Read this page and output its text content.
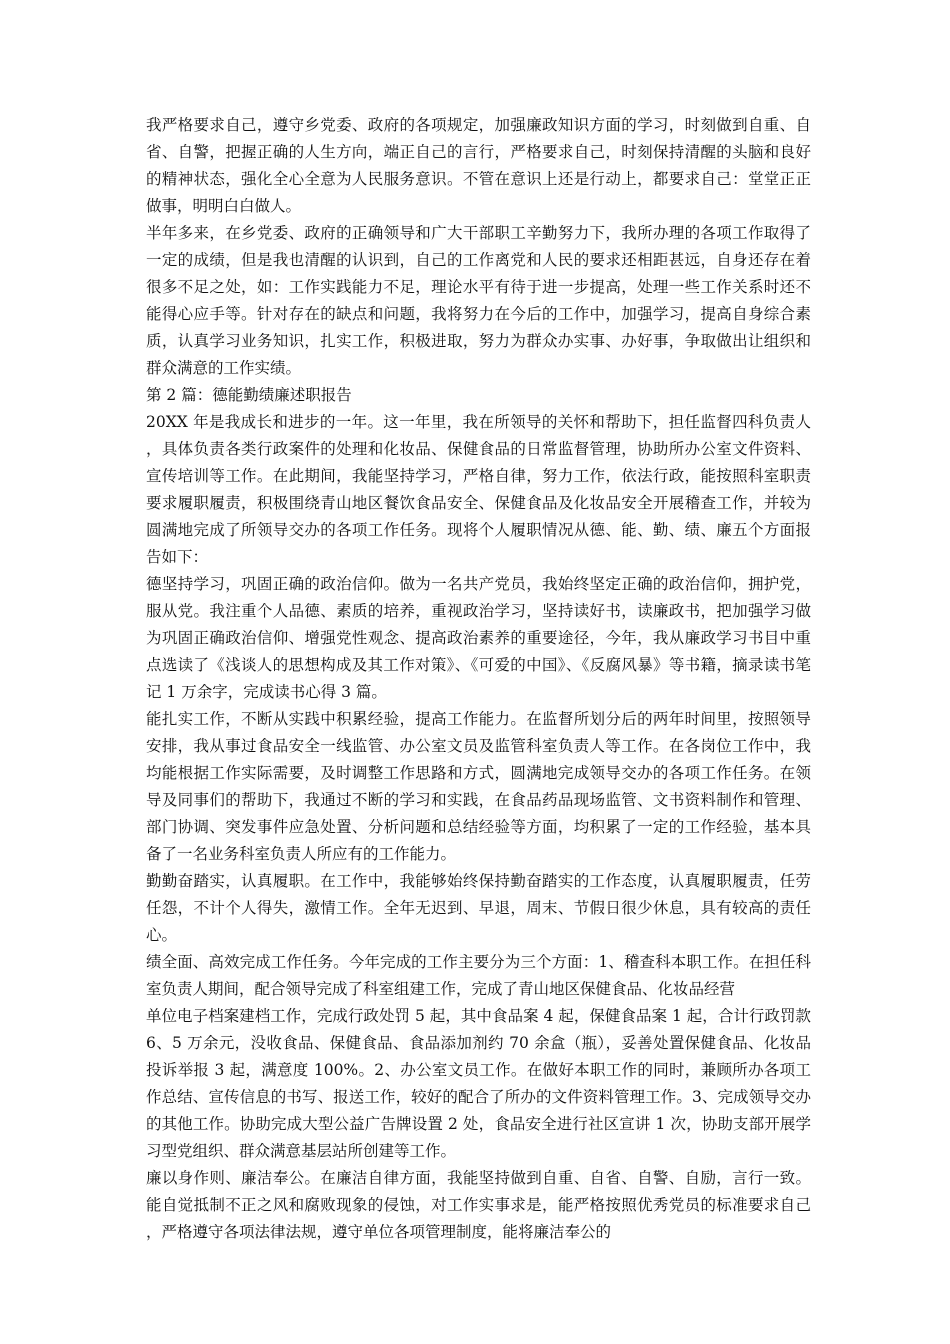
我严格要求自己，遵守乡党委、政府的各项规定，加强廉政知识方面的学习，时刻做到自重、自省、自警，把握正确的人生方向，端正自己的言行，严格要求自己，时刻保持清醒的头脑和良好的精神状态，强化全心全意为人民服务意识。不管在意识上还是行动上，都要求自己：堂堂正正做事，明明白白做人。

半年多来，在乡党委、政府的正确领导和广大干部职工辛勤努力下，我所办理的各项工作取得了一定的成绩，但是我也清醒的认识到，自己的工作离党和人民的要求还相距甚远，自身还存在着很多不足之处，如：工作实践能力不足，理论水平有待于进一步提高，处理一些工作关系时还不能得心应手等。针对存在的缺点和问题，我将努力在今后的工作中，加强学习，提高自身综合素质，认真学习业务知识，扎实工作，积极进取，努力为群众办实事、办好事，争取做出让组织和群众满意的工作实绩。

第 2 篇：德能勤绩廉述职报告

20XX 年是我成长和进步的一年。这一年里，我在所领导的关怀和帮助下，担任监督四科负责人，具体负责各类行政案件的处理和化妆品、保健食品的日常监督管理，协助所办公室文件资料、宣传培训等工作。在此期间，我能坚持学习，严格自律，努力工作，依法行政，能按照科室职责要求履职履责，积极围绕青山地区餐饮食品安全、保健食品及化妆品安全开展稽查工作，并较为圆满地完成了所领导交办的各项工作任务。现将个人履职情况从德、能、勤、绩、廉五个方面报告如下：

德坚持学习，巩固正确的政治信仰。做为一名共产党员，我始终坚定正确的政治信仰，拥护党，服从党。我注重个人品德、素质的培养，重视政治学习，坚持读好书，读廉政书，把加强学习做为巩固正确政治信仰、增强党性观念、提高政治素养的重要途径，今年，我从廉政学习书目中重点选读了《浅谈人的思想构成及其工作对策》、《可爱的中国》、《反腐风暴》等书籍，摘录读书笔记 1 万余字，完成读书心得 3 篇。

能扎实工作，不断从实践中积累经验，提高工作能力。在监督所划分后的两年时间里，按照领导安排，我从事过食品安全一线监管、办公室文员及监管科室负责人等工作。在各岗位工作中，我均能根据工作实际需要，及时调整工作思路和方式，圆满地完成领导交办的各项工作任务。在领导及同事们的帮助下，我通过不断的学习和实践，在食品药品现场监管、文书资料制作和管理、部门协调、突发事件应急处置、分析问题和总结经验等方面，均积累了一定的工作经验，基本具备了一名业务科室负责人所应有的工作能力。

勤勤奋踏实，认真履职。在工作中，我能够始终保持勤奋踏实的工作态度，认真履职履责，任劳任怨，不计个人得失，激情工作。全年无迟到、早退，周末、节假日很少休息，具有较高的责任心。

绩全面、高效完成工作任务。今年完成的工作主要分为三个方面：1、稽查科本职工作。在担任科室负责人期间，配合领导完成了科室组建工作，完成了青山地区保健食品、化妆品经营

单位电子档案建档工作，完成行政处罚 5 起，其中食品案 4 起，保健食品案 1 起，合计行政罚款 6、5 万余元，没收食品、保健食品、食品添加剂约 70 余盒（瓶），妥善处置保健食品、化妆品投诉举报 3 起，满意度 100%。2、办公室文员工作。在做好本职工作的同时，兼顾所办各项工作总结、宣传信息的书写、报送工作，较好的配合了所办的文件资料管理工作。3、完成领导交办的其他工作。协助完成大型公益广告牌设置 2 处，食品安全进行社区宣讲 1 次，协助支部开展学习型党组织、群众满意基层站所创建等工作。

廉以身作则、廉洁奉公。在廉洁自律方面，我能坚持做到自重、自省、自警、自励，言行一致。能自觉抵制不正之风和腐败现象的侵蚀，对工作实事求是，能严格按照优秀党员的标准要求自己，严格遵守各项法律法规，遵守单位各项管理制度，能将廉洁奉公的
